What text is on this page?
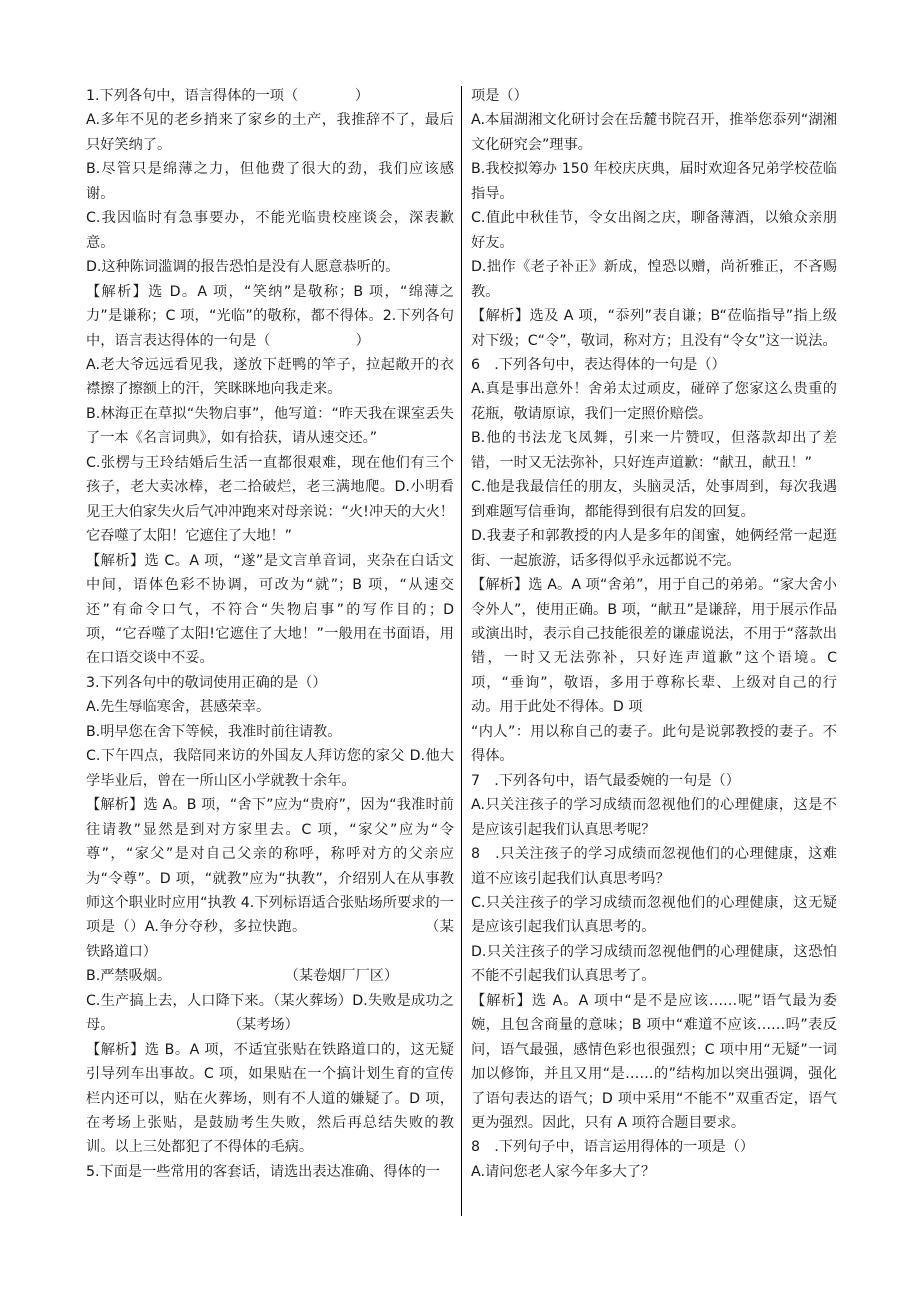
1.下列各句中，语言得体的一项（　　　　）

A.多年不见的老乡捎来了家乡的土产，我推辞不了，最后只好笑纳了。

B.尽管只是绵薄之力，但他费了很大的劲，我们应该感谢。

C.我因临时有急事要办，不能光临贵校座谈会，深表歉意。

D.这种陈词滥调的报告恐怕是没有人愿意恭听的。

【解析】选 D。A 项，“笑纳”是敬称；B 项，“绵薄之力”是谦称；C 项，“光临”的敬称，都不得体。2.下列各句中，语言表达得体的一句是（　　　　　　）

A.老大爷远远看见我，遂放下赶鸭的竿子，拉起敞开的衣襟擦了擦额上的汗，笑眯眯地向我走来。

B.林海正在草拟“失物启事”，他写道：“昨天我在课室丢失了一本《名言词典》，如有拾获，请从速交还。”

C.张楞与王玲结婚后生活一直都很艰难，现在他们有三个孩子，老大卖冰棒，老二拾破烂，老三满地爬。D.小明看见王大伯家失火后气冲冲跑来对母亲说：“火!冲天的大火！它吞噬了太阳！它遮住了大地！”

【解析】选 C。A 项，“遂”是文言单音词，夹杂在白话文中间，语体色彩不协调，可改为“就”；B 项，“从速交还”有命令口气，不符合“失物启事”的写作目的；D 项，“它吞噬了太阳!它遮住了大地！”一般用在书面语，用在口语交谈中不妥。

3.下列各句中的敬词使用正确的是（）

A.先生辱临寒舍，甚感荣幸。

B.明早您在舍下等候，我准时前往请教。

C.下午四点，我陪同来访的外国友人拜访您的家父 D.他大学毕业后，曾在一所山区小学就教十余年。

【解析】选 A。B 项，“舍下”应为“贵府”，因为“我准时前往请教”显然是到对方家里去。C 项，“家父”应为“令尊”，“家父”是对自己父亲的称呼，称呼对方的父亲应为“令尊”。D 项，“就教”应为“执教”，介绍别人在从事教师这个职业时应用“执教 4.下列标语适合张贴场所要求的一项是（）A.争分夺秒，多拉快跑。　　　　　　　　　（某铁路道口）

B.严禁吸烟。　　　　　　　　　（某卷烟厂厂区）

C.生产搞上去，人口降下来。（某火葬场）D.失败是成功之母。　　　　　　　　　（某考场）

【解析】选 B。A 项，不适宜张贴在铁路道口的，这无疑引导列车出事故。C 项，如果贴在一个搞计划生育的宣传栏内还可以，贴在火葬场，则有不人道的嫌疑了。D 项，在考场上张贴，是鼓励考生失败，然后再总结失败的教训。以上三处都犯了不得体的毛病。

5.下面是一些常用的客套话，请选出表达准确、得体的一

项是（）

A.本届湖湘文化研讨会在岳麓书院召开，推举您忝列“湖湘文化研究会”理事。

B.我校拟筹办 150 年校庆庆典，届时欢迎各兄弟学校莅临指导。

C.值此中秋佳节，令女出阁之庆，聊备薄酒，以飨众亲朋好友。

D.拙作《老子补正》新成，惶恐以赠，尚祈雅正，不吝赐教。

【解析】选及 A 项，“忝列”表自谦；B“莅临指导”指上级对下级；C“令”，敬词，称对方；且没有“令女”这一说法。

6　.下列各句中，表达得体的一句是（）

A.真是事出意外！舍弟太过顽皮，碰碎了您家这么贵重的花瓶，敬请原谅，我们一定照价赔偿。

B.他的书法龙飞凤舞，引来一片赞叹，但落款却出了差错，一时又无法弥补，只好连声道歉：“献丑，献丑！”

C.他是我最信任的朋友，头脑灵活，处事周到，每次我遇到难题写信垂询，都能得到很有启发的回复。

D.我妻子和郭教授的内人是多年的闺蜜，她俩经常一起逛街、一起旅游，话多得似乎永远都说不完。

【解析】选 A。A 项“舍弟”，用于自己的弟弟。“家大舍小令外人”，使用正确。B 项，“献丑”是谦辞，用于展示作品或演出时，表示自己技能很差的谦虚说法，不用于“落款出错，一时又无法弥补，只好连声道歉”这个语境。C 项，“垂询”，敬语，多用于尊称长辈、上级对自己的行动。用于此处不得体。D 项

“内人”：用以称自己的妻子。此句是说郭教授的妻子。不得体。

7　.下列各句中，语气最委婉的一句是（）

A.只关注孩子的学习成绩而忽视他们的心理健康，这是不是应该引起我们认真思考呢？

8　.只关注孩子的学习成绩而忽视他们的心理健康，这难道不应该引起我们认真思考吗？

C.只关注孩子的学习成绩而忽视他们的心理健康，这无疑是应该引起我们认真思考的。

D.只关注孩子的学习成绩而忽视他們的心理健康，这恐怕不能不引起我们认真思考了。

【解析】选 A。A 项中“是不是应该……呢”语气最为委婉，且包含商量的意味；B 项中“难道不应该……吗”表反问，语气最强，感情色彩也很强烈；C 项中用“无疑”一词加以修饰，并且又用“是……的”结构加以突出强调，强化了语句表达的语气；D 项中采用“不能不”双重否定，语气更为强烈。因此，只有 A 项符合题目要求。

8　.下列句子中，语言运用得体的一项是（）

A.请问您老人家今年多大了？
